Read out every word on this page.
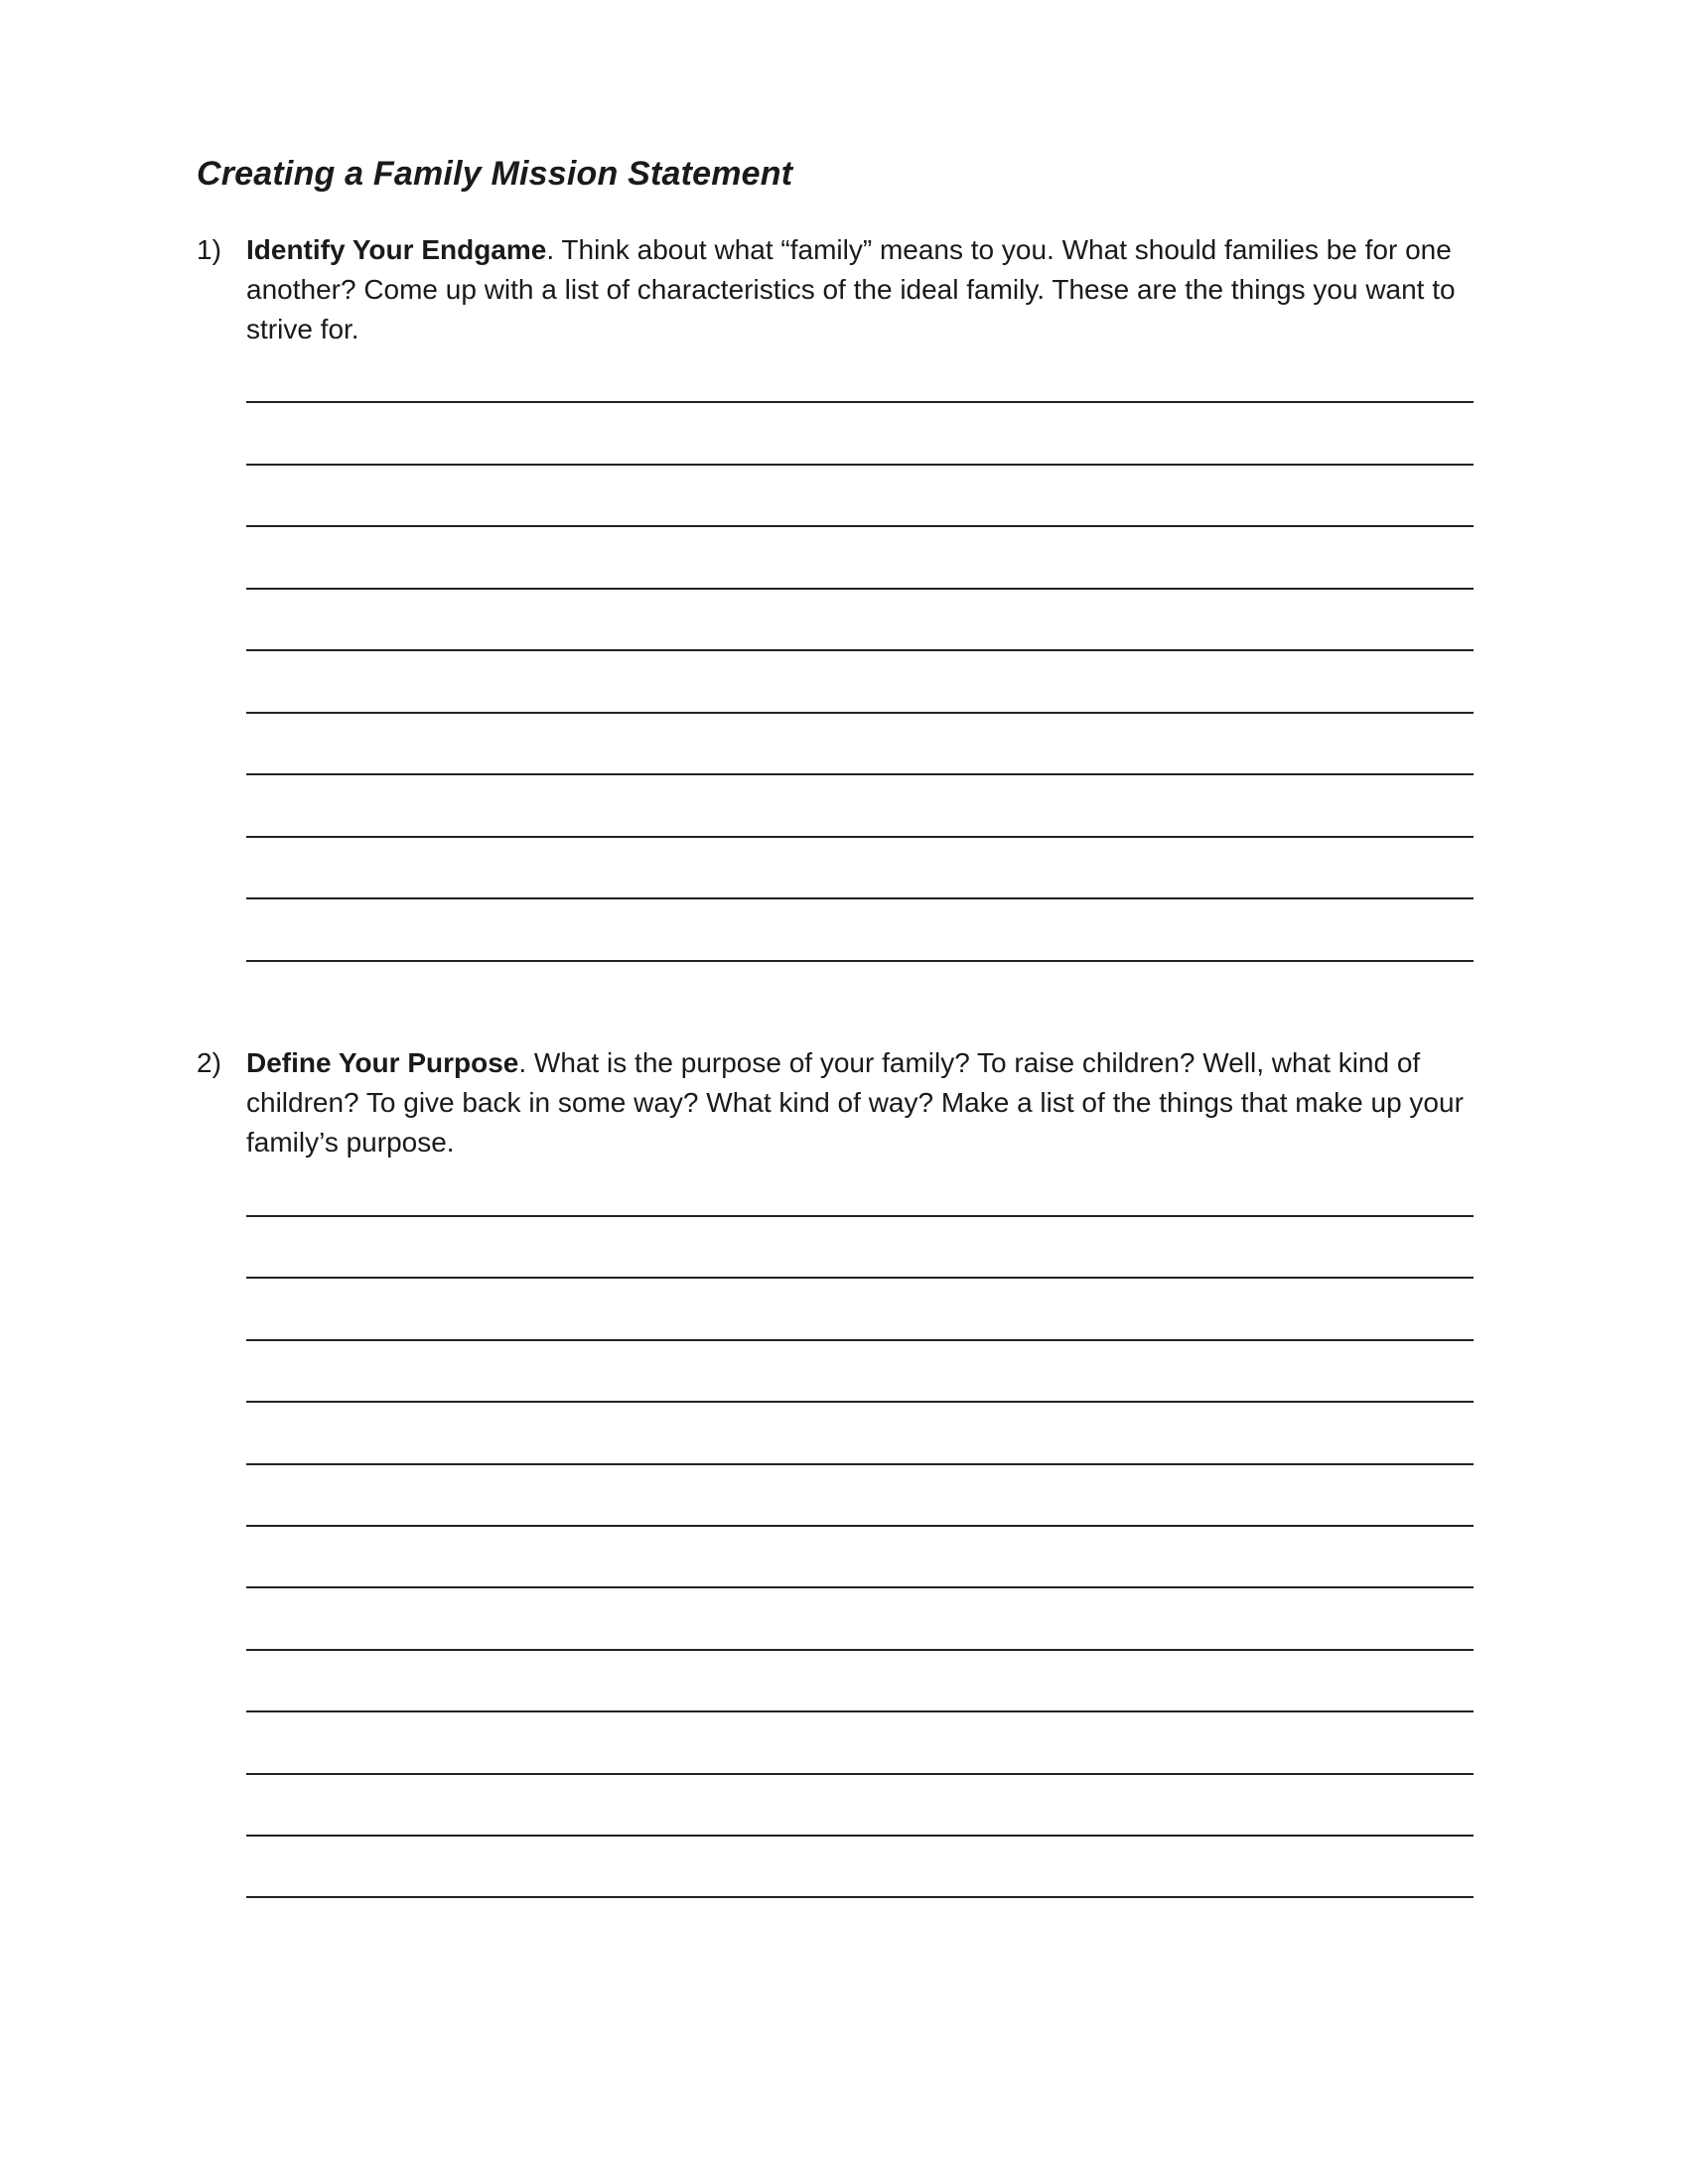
Creating a Family Mission Statement
1) Identify Your Endgame. Think about what “family” means to you. What should families be for one another? Come up with a list of characteristics of the ideal family. These are the things you want to strive for.
2) Define Your Purpose. What is the purpose of your family? To raise children? Well, what kind of children? To give back in some way? What kind of way? Make a list of the things that make up your family’s purpose.
